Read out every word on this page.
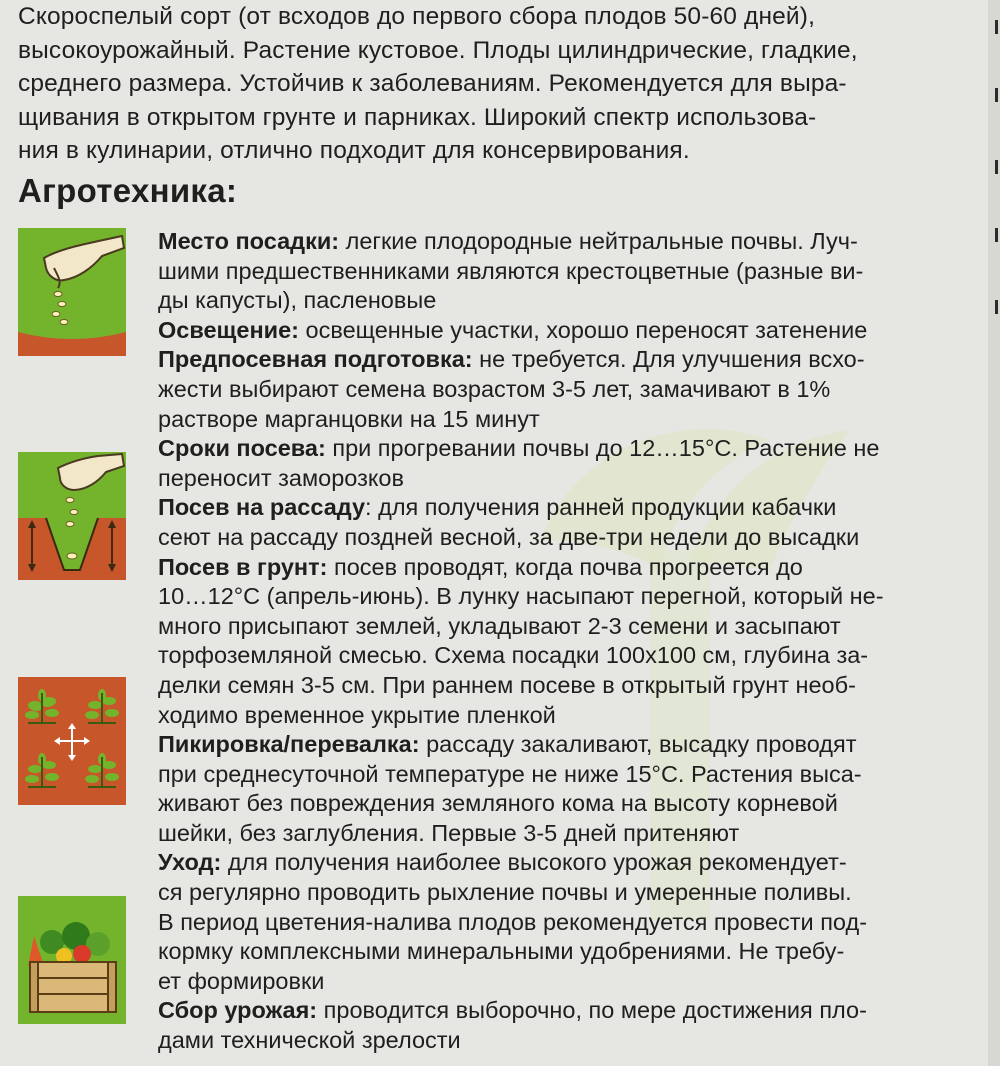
Скороспелый сорт (от всходов до первого сбора плодов 50-60 дней),
высокоурожайный. Растение кустовое. Плоды цилиндрические, гладкие,
среднего размера. Устойчив к заболеваниям. Рекомендуется для выра-
щивания в открытом грунте и парниках. Широкий спектр использова-
ния в кулинарии, отлично подходит для консервирования.
Агротехника:
Место посадки: легкие плодородные нейтральные почвы. Луч-
шими предшественниками являются крестоцветные (разные ви-
ды капусты), пасленовые
Освещение: освещенные участки, хорошо переносят затенение
Предпосевная подготовка: не требуется. Для улучшения всхо-
жести выбирают семена возрастом 3-5 лет, замачивают в 1%
растворе марганцовки на 15 минут
Сроки посева: при прогревании почвы до 12…15°С. Растение не
переносит заморозков
Посев на рассаду: для получения ранней продукции кабачки
сеют на рассаду поздней весной, за две-три недели до высадки
Посев в грунт: посев проводят, когда почва прогреется до
10…12°С (апрель-июнь). В лунку насыпают перегной, который не-
много присыпают землей, укладывают 2-3 семени и засыпают
торфоземляной смесью. Схема посадки 100х100 см, глубина за-
делки семян 3-5 см. При раннем посеве в открытый грунт необ-
ходимо временное укрытие пленкой
Пикировка/перевалка: рассаду закаливают, высадку проводят
при среднесуточной температуре не ниже 15°С. Растения выса-
живают без повреждения земляного кома на высоту корневой
шейки, без заглубления. Первые 3-5 дней притеняют
Уход: для получения наиболее высокого урожая рекомендует-
ся регулярно проводить рыхление почвы и умеренные поливы.
В период цветения-налива плодов рекомендуется провести под-
кормку комплексными минеральными удобрениями. Не требу-
ет формировки
Сбор урожая: проводится выборочно, по мере достижения пло-
дами технической зрелости
